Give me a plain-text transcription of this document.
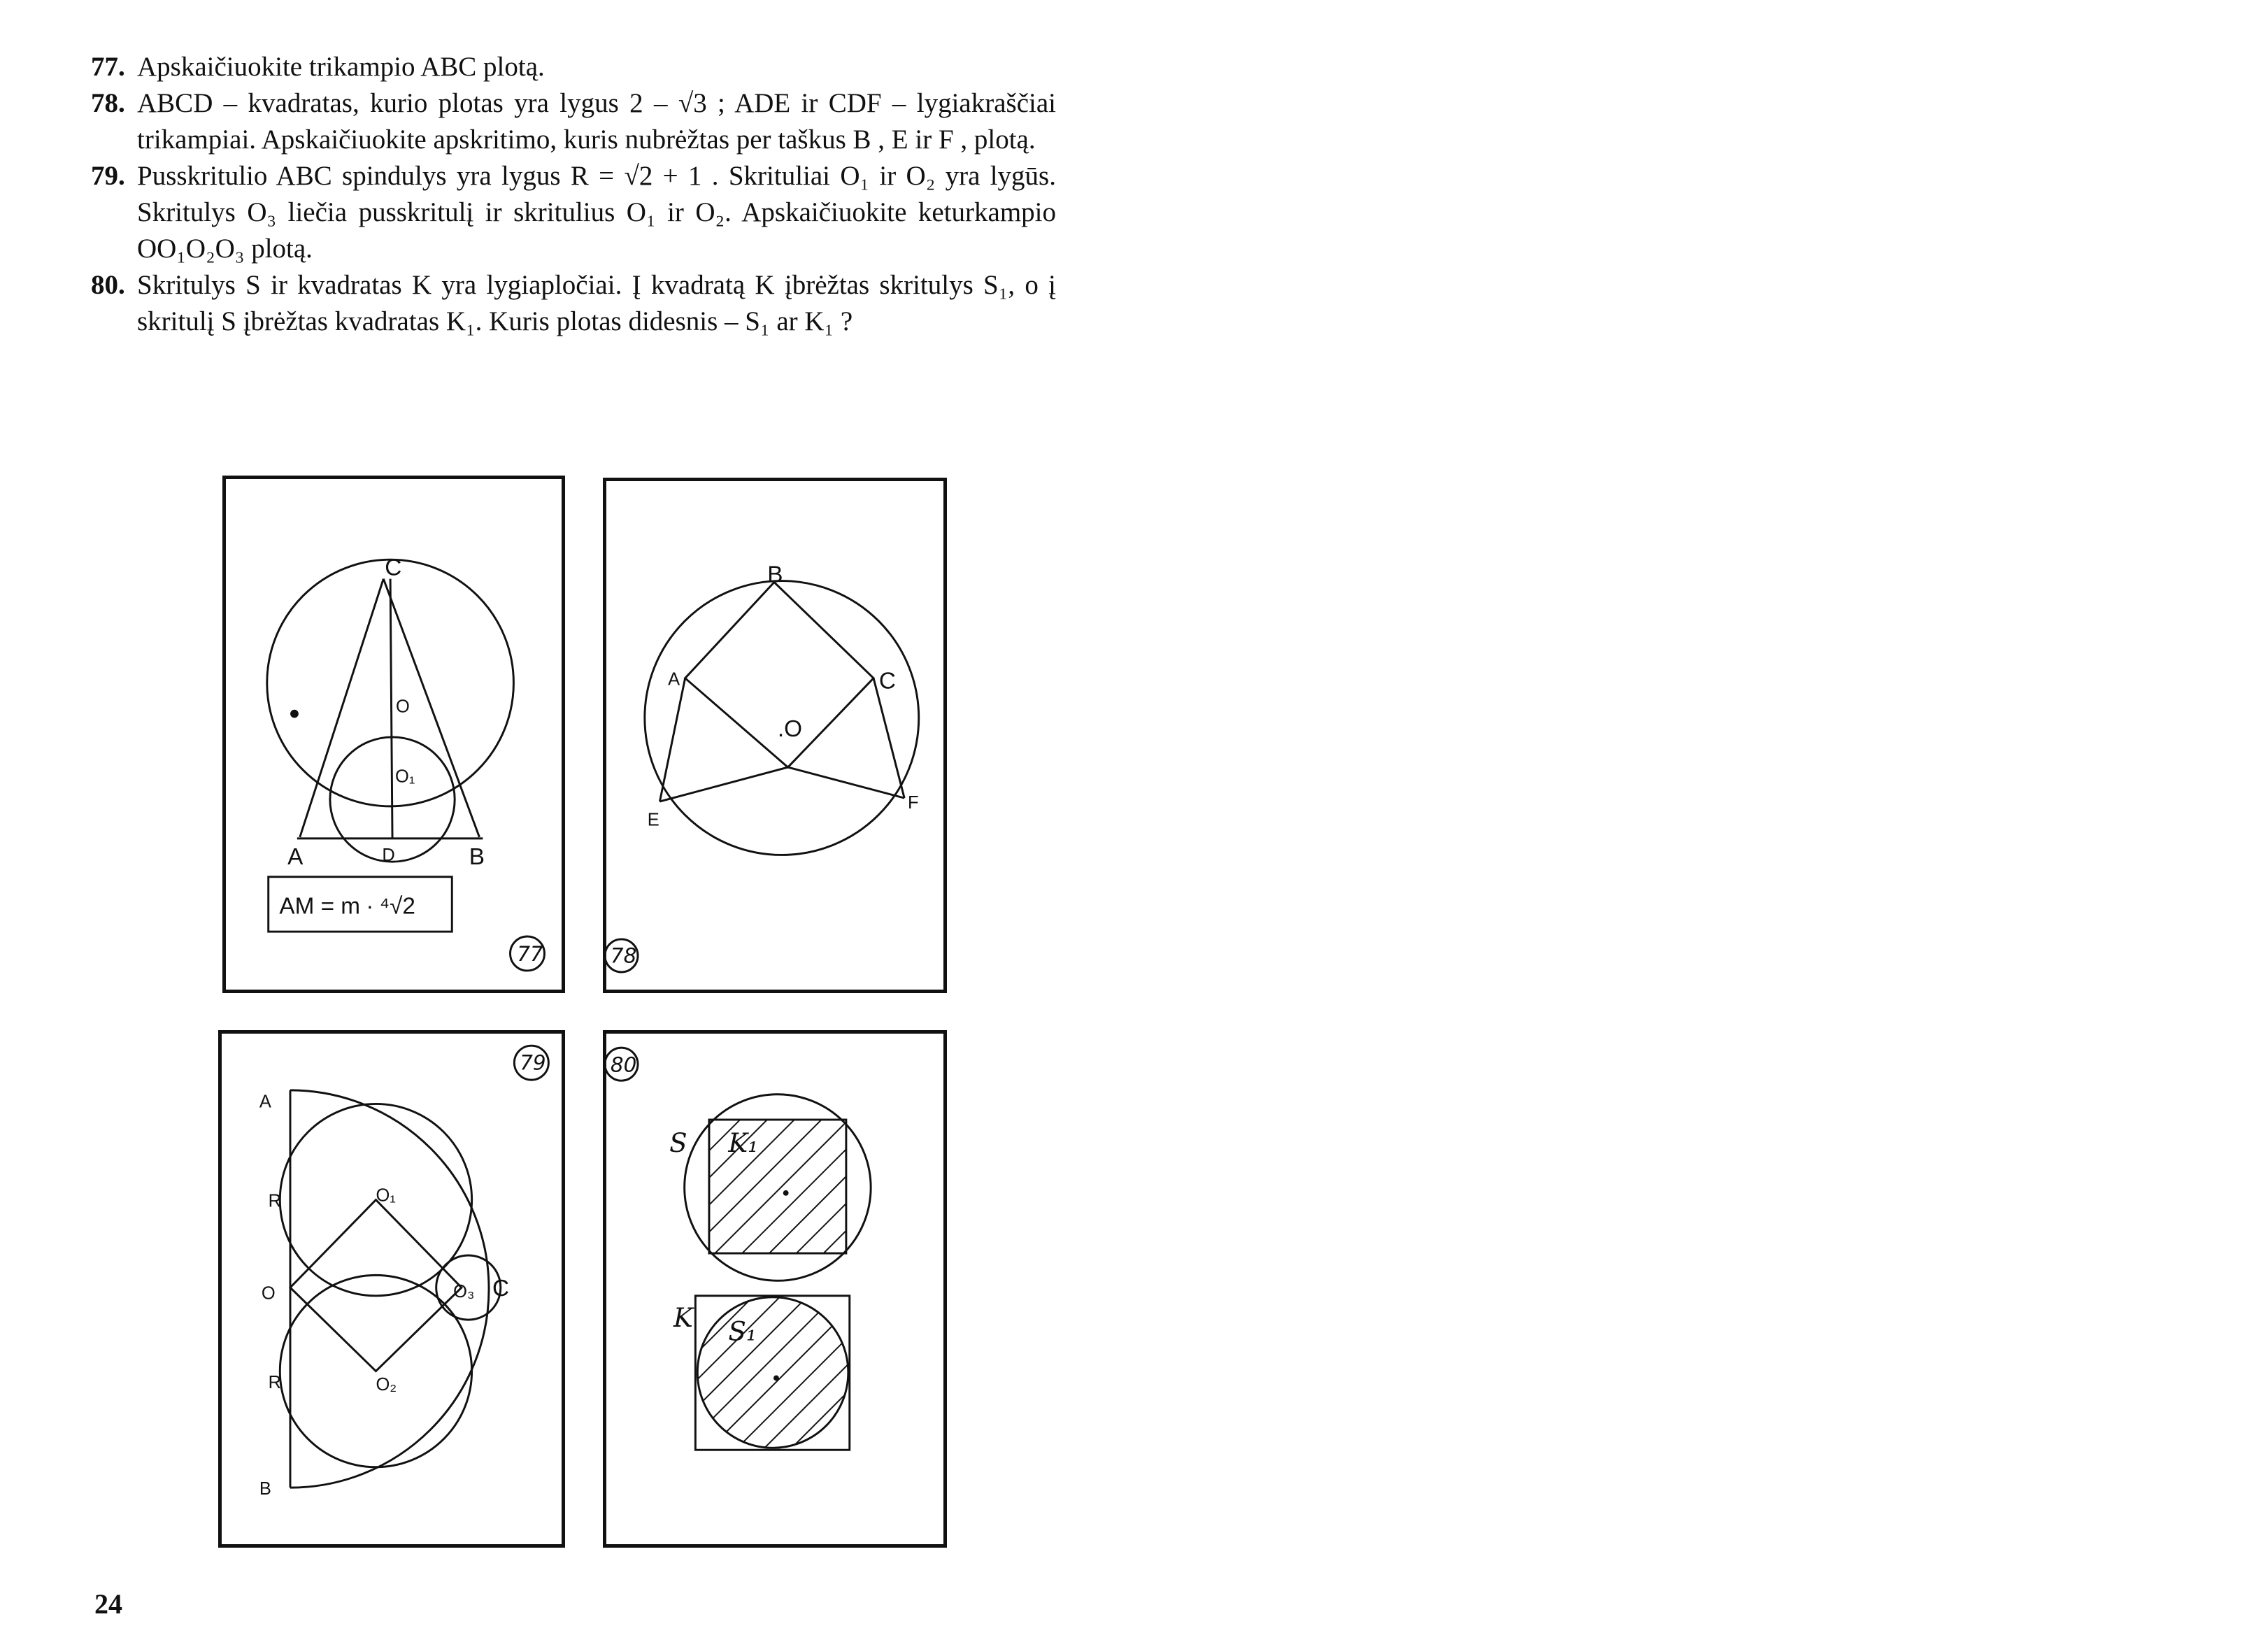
77. Apskaičiuokite trikampio ABC plotą.
78. ABCD – kvadratas, kurio plotas yra lygus 2 – √3 ; ADE ir CDF – lygiakraščiai trikampiai. Apskaičiuokite apskritimo, kuris nubrėžtas per taškus B , E ir F , plotą.
79. Pusskritulio ABC spindulys yra lygus R = √2 + 1 . Skrituliai O₁ ir O₂ yra lygūs. Skritulys O₃ liečia pusskritulį ir skritulius O₁ ir O₂. Apskaičiuokite keturkampio OO₁O₂O₃ plotą.
80. Skritulys S ir kvadratas K yra lygiapločiai. Į kvadratą K įbrėžtas skritulys S₁, o į skritulį S įbrėžtas kvadratas K₁. Kuris plotas didesnis – S₁ ar K₁ ?
C
O
O₁
A	D	B
AM = m ∙ ⁴√2
77
B
A	C
.O
E
F
78
A
R
O
R
B
O₁
O₂
O₃ C
79
S K₁
K S₁
80
24
